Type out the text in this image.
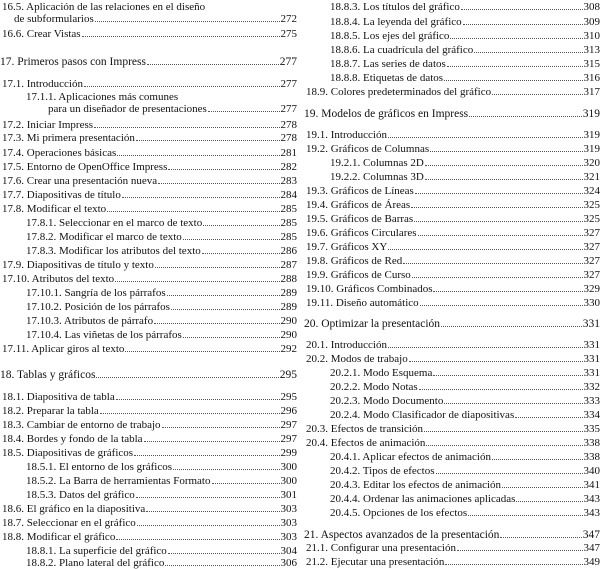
16.5. Aplicación de las relaciones en el diseño
de subformularios	272
16.6. Crear Vistas	275
17. Primeros pasos con Impress	277
17.1. Introducción	277
17.1.1. Aplicaciones más comunes
para un diseñador de presentaciones	277
17.2. Iniciar Impress	278
17.3. Mi primera presentación	278
17.4. Operaciones básicas	281
17.5. Entorno de OpenOffice Impress	282
17.6. Crear una presentación nueva	283
17.7. Diapositivas de título	284
17.8. Modificar el texto	285
17.8.1. Seleccionar en el marco de texto	285
17.8.2. Modificar el marco de texto	285
17.8.3. Modificar los atributos del texto	286
17.9. Diapositivas de título y texto	287
17.10. Atributos del texto	288
17.10.1. Sangría de los párrafos	289
17.10.2. Posición de los párrafos	289
17.10.3. Atributos de párrafo	290
17.10.4. Las viñetas de los párrafos	290
17.11. Aplicar giros al texto	292
18. Tablas y gráficos	295
18.1. Diapositiva de tabla	295
18.2. Preparar la tabla	296
18.3. Cambiar de entorno de trabajo	297
18.4. Bordes y fondo de la tabla	297
18.5. Diapositivas de gráficos	299
18.5.1. El entorno de los gráficos	300
18.5.2. La Barra de herramientas Formato	300
18.5.3. Datos del gráfico	301
18.6. El gráfico en la diapositiva	303
18.7. Seleccionar en el gráfico	303
18.8. Modificar el gráfico	303
18.8.1. La superficie del gráfico	304
18.8.2. Plano lateral del gráfico	306
18.8.3. Los títulos del gráfico	308
18.8.4. La leyenda del gráfico	309
18.8.5. Los ejes del gráfico	310
18.8.6. La cuadrícula del gráfico	313
18.8.7. Las series de datos	315
18.8.8. Etiquetas de datos	316
18.9. Colores predeterminados del gráfico	317
19. Modelos de gráficos en Impress	319
19.1. Introducción	319
19.2. Gráficos de Columnas	319
19.2.1. Columnas 2D	320
19.2.2. Columnas 3D	321
19.3. Gráficos de Líneas	324
19.4. Gráficos de Áreas	325
19.5. Gráficos de Barras	325
19.6. Gráficos Circulares	327
19.7. Gráficos XY	327
19.8. Gráficos de Red	327
19.9. Gráficos de Curso	327
19.10. Gráficos Combinados	329
19.11. Diseño automático	330
20. Optimizar la presentación	331
20.1. Introducción	331
20.2. Modos de trabajo	331
20.2.1. Modo Esquema	331
20.2.2. Modo Notas	332
20.2.3. Modo Documento	333
20.2.4. Modo Clasificador de diapositivas	334
20.3. Efectos de transición	335
20.4. Efectos de animación	338
20.4.1. Aplicar efectos de animación	338
20.4.2. Tipos de efectos	340
20.4.3. Editar los efectos de animación	341
20.4.4. Ordenar las animaciones aplicadas	343
20.4.5. Opciones de los efectos	343
21. Aspectos avanzados de la presentación	347
21.1. Configurar una presentación	347
21.2. Ejecutar una presentación	349
